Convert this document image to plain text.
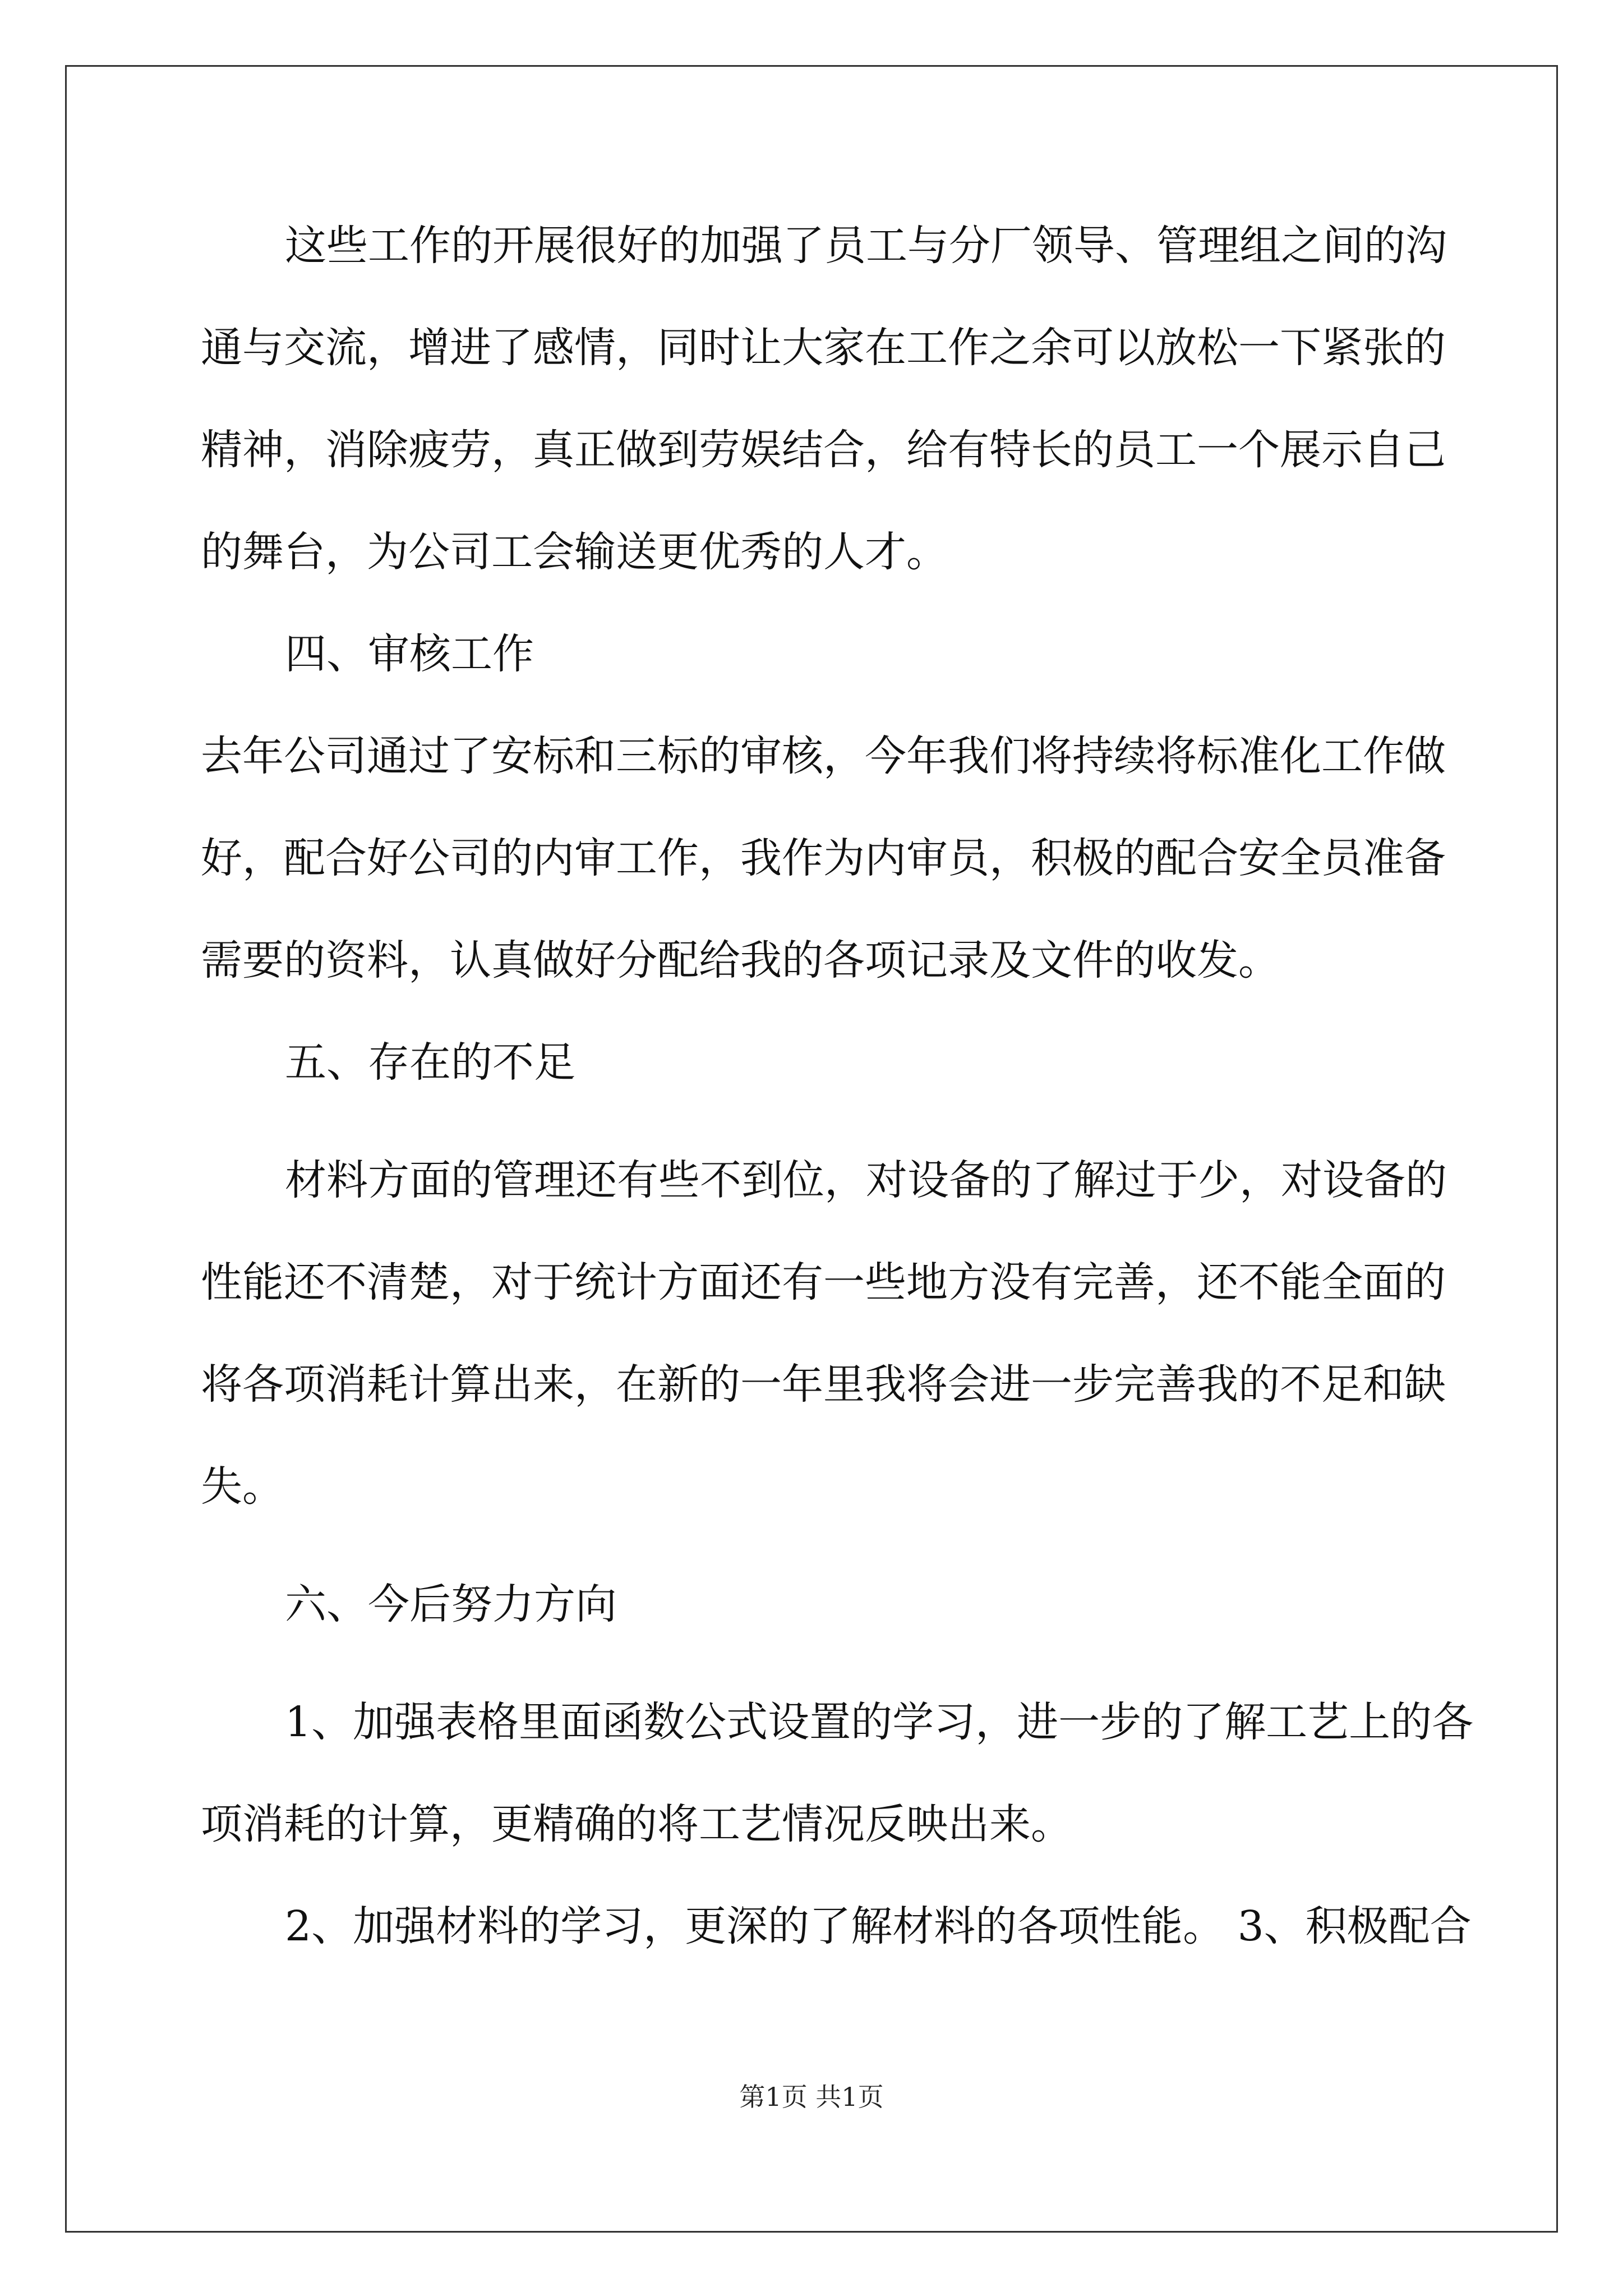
这些工作的开展很好的加强了员工与分厂领导、管理组之间的沟
通与交流，增进了感情，同时让大家在工作之余可以放松一下紧张的
精神，消除疲劳，真正做到劳娱结合，给有特长的员工一个展示自己
的舞台，为公司工会输送更优秀的人才。
四、审核工作
去年公司通过了安标和三标的审核，今年我们将持续将标准化工作做
好，配合好公司的内审工作，我作为内审员，积极的配合安全员准备
需要的资料，认真做好分配给我的各项记录及文件的收发。
五、存在的不足
材料方面的管理还有些不到位，对设备的了解过于少，对设备的
性能还不清楚，对于统计方面还有一些地方没有完善，还不能全面的
将各项消耗计算出来，在新的一年里我将会进一步完善我的不足和缺
失。
六、今后努力方向
1、加强表格里面函数公式设置的学习，进一步的了解工艺上的各
项消耗的计算，更精确的将工艺情况反映出来。
2、加强材料的学习，更深的了解材料的各项性能。 3、积极配合
第1页 共1页
